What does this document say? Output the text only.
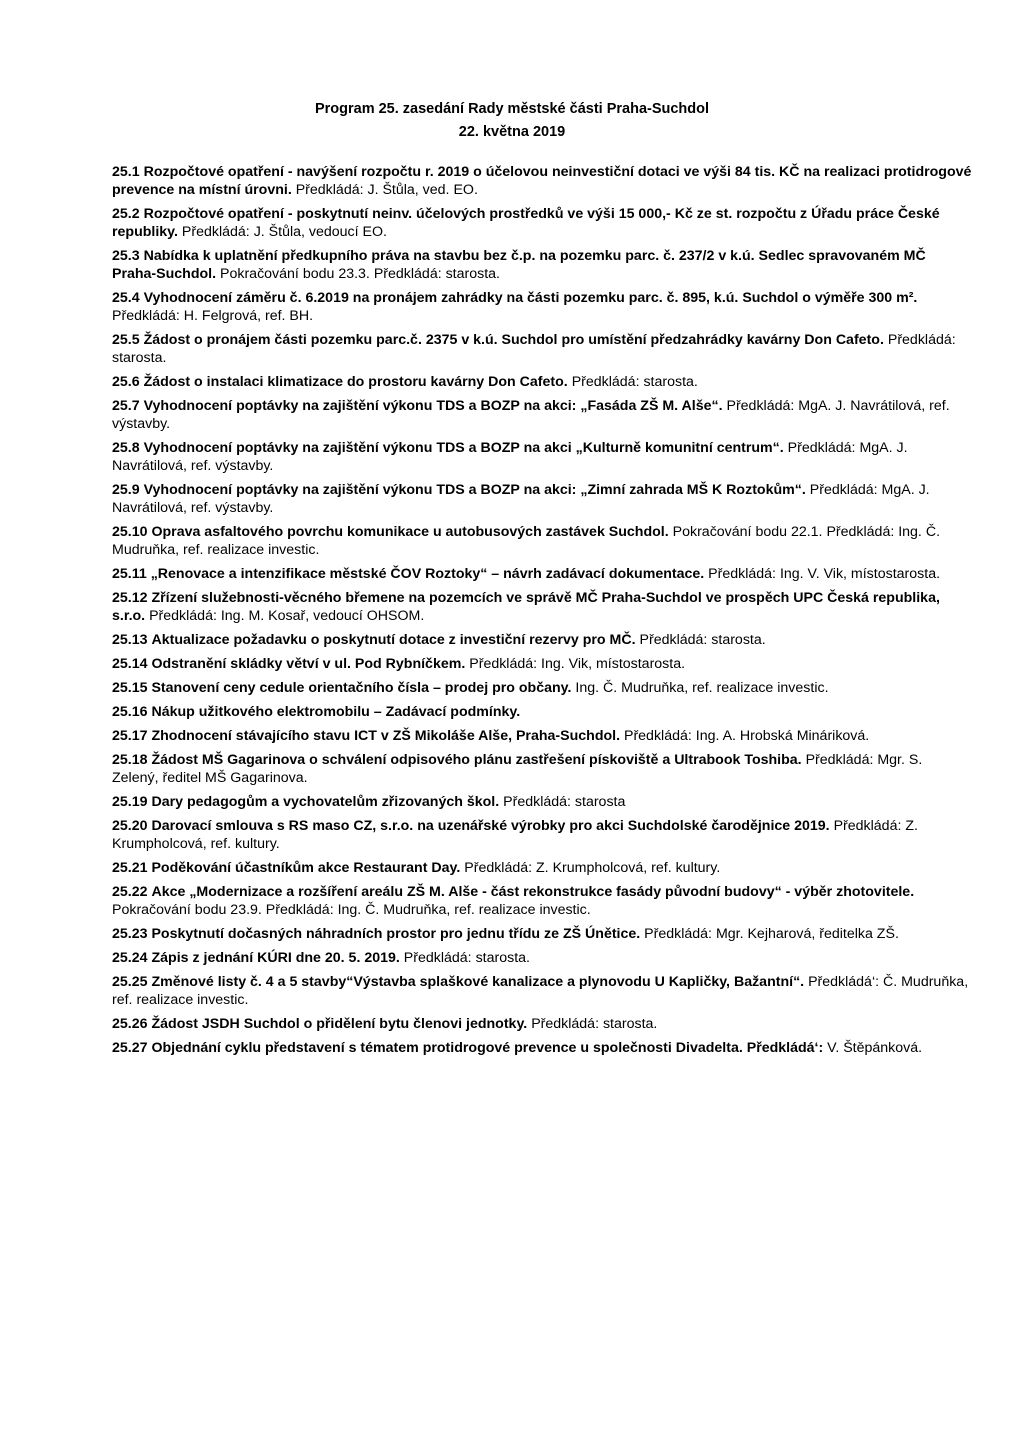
Program 25. zasedání Rady městské části Praha-Suchdol
22. května 2019

25.1 Rozpočtové opatření - navýšení rozpočtu r. 2019 o účelovou neinvestiční dotaci ve výši 84 tis. KČ na realizaci protidrogové prevence na místní úrovni. Předkládá: J. Štůla, ved. EO.

25.2 Rozpočtové opatření - poskytnutí neinv. účelových prostředků ve výši 15 000,- Kč ze st. rozpočtu z Úřadu práce České republiky. Předkládá: J. Štůla, vedoucí EO.

25.3 Nabídka k uplatnění předkupního práva na stavbu bez č.p. na pozemku parc. č. 237/2 v k.ú. Sedlec spravovaném MČ Praha-Suchdol. Pokračování bodu 23.3. Předkládá: starosta.

25.4 Vyhodnocení záměru č. 6.2019 na pronájem zahrádky na části pozemku parc. č. 895, k.ú. Suchdol o výměře 300 m². Předkládá: H. Felgrová, ref. BH.

25.5 Žádost o pronájem části pozemku parc.č. 2375 v k.ú. Suchdol pro umístění předzahrádky kavárny Don Cafeto. Předkládá: starosta.

25.6 Žádost o instalaci klimatizace do prostoru kavárny Don Cafeto. Předkládá: starosta.

25.7 Vyhodnocení poptávky na zajištění výkonu TDS a BOZP na akci: „Fasáda ZŠ M. Alše“. Předkládá: MgA. J. Navrátilová, ref. výstavby.

25.8 Vyhodnocení poptávky na zajištění výkonu TDS a BOZP na akci „Kulturně komunitní centrum“. Předkládá: MgA. J. Navrátilová, ref. výstavby.

25.9 Vyhodnocení poptávky na zajištění výkonu TDS a BOZP na akci: „Zimní zahrada MŠ K Roztokům“. Předkládá: MgA. J. Navrátilová, ref. výstavby.

25.10 Oprava asfaltového povrchu komunikace u autobusových zastávek Suchdol. Pokračování bodu 22.1. Předkládá: Ing. Č. Mudruňka, ref. realizace investic.

25.11 „Renovace a intenzifikace městské ČOV Roztoky“ – návrh zadávací dokumentace. Předkládá: Ing. V. Vik, místostarosta.

25.12 Zřízení služebnosti-věcného břemene na pozemcích ve správě MČ Praha-Suchdol ve prospěch UPC Česká republika, s.r.o. Předkládá: Ing. M. Kosař, vedoucí OHSOM.

25.13 Aktualizace požadavku o poskytnutí dotace z investiční rezervy pro MČ. Předkládá: starosta.

25.14 Odstranění skládky větví v ul. Pod Rybníčkem. Předkládá: Ing. Vik, místostarosta.

25.15 Stanovení ceny cedule orientačního čísla – prodej pro občany. Ing. Č. Mudruňka, ref. realizace investic.

25.16 Nákup užitkového elektromobilu – Zadávací podmínky.

25.17 Zhodnocení stávajícího stavu ICT v ZŠ Mikoláše Alše, Praha-Suchdol. Předkládá: Ing. A. Hrobská Mináriková.

25.18 Žádost MŠ Gagarinova o schválení odpisového plánu zastřešení pískoviště a Ultrabook Toshiba. Předkládá: Mgr. S. Zelený, ředitel MŠ Gagarinova.

25.19 Dary pedagogům a vychovatelům zřizovaných škol. Předkládá: starosta

25.20 Darovací smlouva s RS maso CZ, s.r.o. na uzenářské výrobky pro akci Suchdolské čarodějnice 2019. Předkládá: Z. Krumpholcová, ref. kultury.

25.21 Poděkování účastníkům akce Restaurant Day. Předkládá: Z. Krumpholcová, ref. kultury.

25.22 Akce „Modernizace a rozšíření areálu ZŠ M. Alše - část rekonstrukce fasády původní budovy“ - výběr zhotovitele. Pokračování bodu 23.9. Předkládá: Ing. Č. Mudruňka, ref. realizace investic.

25.23 Poskytnutí dočasných náhradních prostor pro jednu třídu ze ZŠ Únětice. Předkládá: Mgr. Kejharová, ředitelka ZŠ.

25.24 Zápis z jednání KÚRI dne 20. 5. 2019. Předkládá: starosta.

25.25 Změnové listy č. 4 a 5 stavby“Výstavba splaškové kanalizace a plynovodu U Kapličky, Bažantní“. Předkládá‘: Č. Mudruňka, ref. realizace investic.

25.26 Žádost JSDH Suchdol o přidělení bytu členovi jednotky. Předkládá: starosta.

25.27 Objednání cyklu představení s tématem protidrogové prevence u společnosti Divadelta. Předkládá‘: V. Štěpánková.
